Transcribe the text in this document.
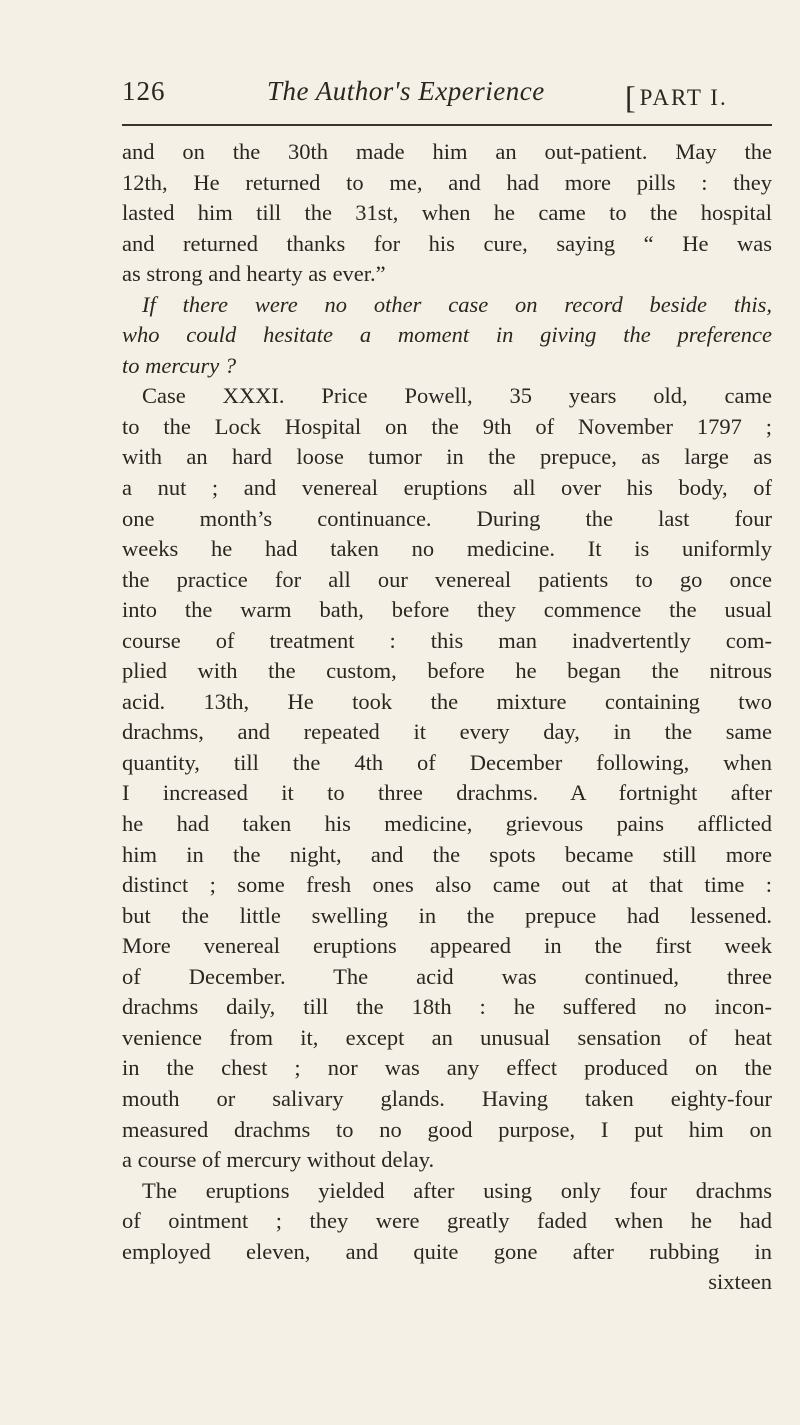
126	The Author's Experience
[	PART I.
and on the 30th made him an out-patient. May the
12th, He returned to me, and had more pills : they
lasted him till the 31st, when he came to the hospital
and returned thanks for his cure, saying “ He was
as strong and hearty as ever.”
If there were no other case on record beside this,
who could hesitate a moment in giving the preference
to mercury ?
Case XXXI. Price Powell, 35 years old, came
to the Lock Hospital on the 9th of November 1797 ;
with an hard loose tumor in the prepuce, as large as
a nut ; and venereal eruptions all over his body, of
one month’s continuance. During the last four
weeks he had taken no medicine. It is uniformly
the practice for all our venereal patients to go once
into the warm bath, before they commence the usual
course of treatment : this man inadvertently com-
plied with the custom, before he began the nitrous
acid. 13th, He took the mixture containing two
drachms, and repeated it every day, in the same
quantity, till the 4th of December following, when
I increased it to three drachms. A fortnight after
he had taken his medicine, grievous pains afflicted
him in the night, and the spots became still more
distinct ; some fresh ones also came out at that time :
but the little swelling in the prepuce had lessened.
More venereal eruptions appeared in the first week
of December. The acid was continued, three
drachms daily, till the 18th : he suffered no incon-
venience from it, except an unusual sensation of heat
in the chest ; nor was any effect produced on the
mouth or salivary glands. Having taken eighty-four
measured drachms to no good purpose, I put him on
a course of mercury without delay.
The eruptions yielded after using only four drachms
of ointment ; they were greatly faded when he had
employed eleven, and quite gone after rubbing in
sixteen
